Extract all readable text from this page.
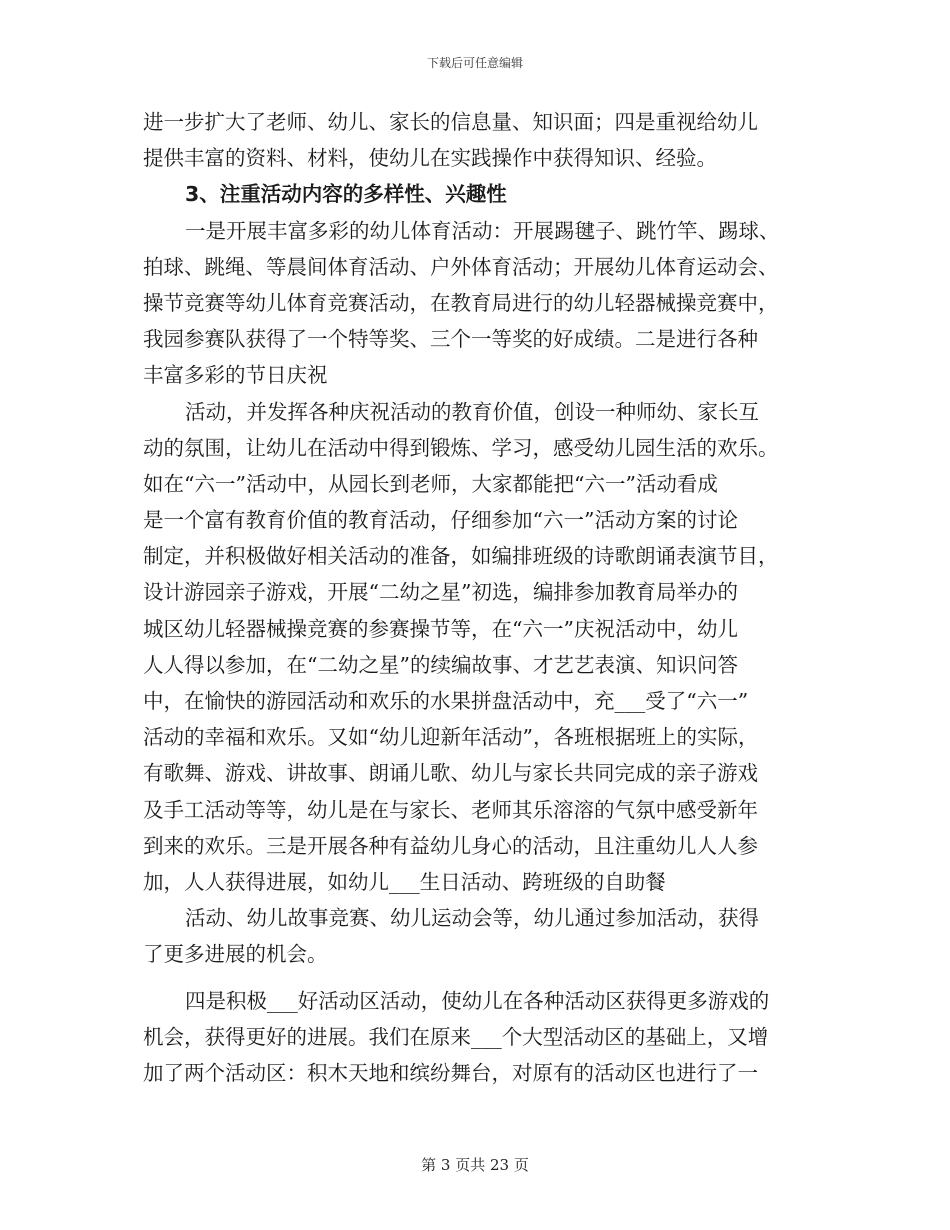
下载后可任意编辑
进一步扩大了老师、幼儿、家长的信息量、知识面；四是重视给幼儿
提供丰富的资料、材料，使幼儿在实践操作中获得知识、经验。
3、注重活动内容的多样性、兴趣性
一是开展丰富多彩的幼儿体育活动：开展踢毽子、跳竹竿、踢球、
拍球、跳绳、等晨间体育活动、户外体育活动；开展幼儿体育运动会、
操节竞赛等幼儿体育竞赛活动，在教育局进行的幼儿轻器械操竞赛中，
我园参赛队获得了一个特等奖、三个一等奖的好成绩。二是进行各种
丰富多彩的节日庆祝
活动，并发挥各种庆祝活动的教育价值，创设一种师幼、家长互
动的氛围，让幼儿在活动中得到锻炼、学习，感受幼儿园生活的欢乐。
如在“六一”活动中，从园长到老师，大家都能把“六一”活动看成
是一个富有教育价值的教育活动，仔细参加“六一”活动方案的讨论
制定，并积极做好相关活动的准备，如编排班级的诗歌朗诵表演节目，
设计游园亲子游戏，开展“二幼之星”初选，编排参加教育局举办的
城区幼儿轻器械操竞赛的参赛操节等，在“六一”庆祝活动中，幼儿
人人得以参加，在“二幼之星”的续编故事、才艺艺表演、知识问答
中，在愉快的游园活动和欢乐的水果拼盘活动中，充___受了“六一”
活动的幸福和欢乐。又如“幼儿迎新年活动”，各班根据班上的实际，
有歌舞、游戏、讲故事、朗诵儿歌、幼儿与家长共同完成的亲子游戏
及手工活动等等，幼儿是在与家长、老师其乐溶溶的气氛中感受新年
到来的欢乐。三是开展各种有益幼儿身心的活动，且注重幼儿人人参
加，人人获得进展，如幼儿___生日活动、跨班级的自助餐
活动、幼儿故事竞赛、幼儿运动会等，幼儿通过参加活动，获得
了更多进展的机会。
四是积极___好活动区活动，使幼儿在各种活动区获得更多游戏的
机会，获得更好的进展。我们在原来___个大型活动区的基础上，又增
加了两个活动区：积木天地和缤纷舞台，对原有的活动区也进行了一
第 3 页共 23 页
